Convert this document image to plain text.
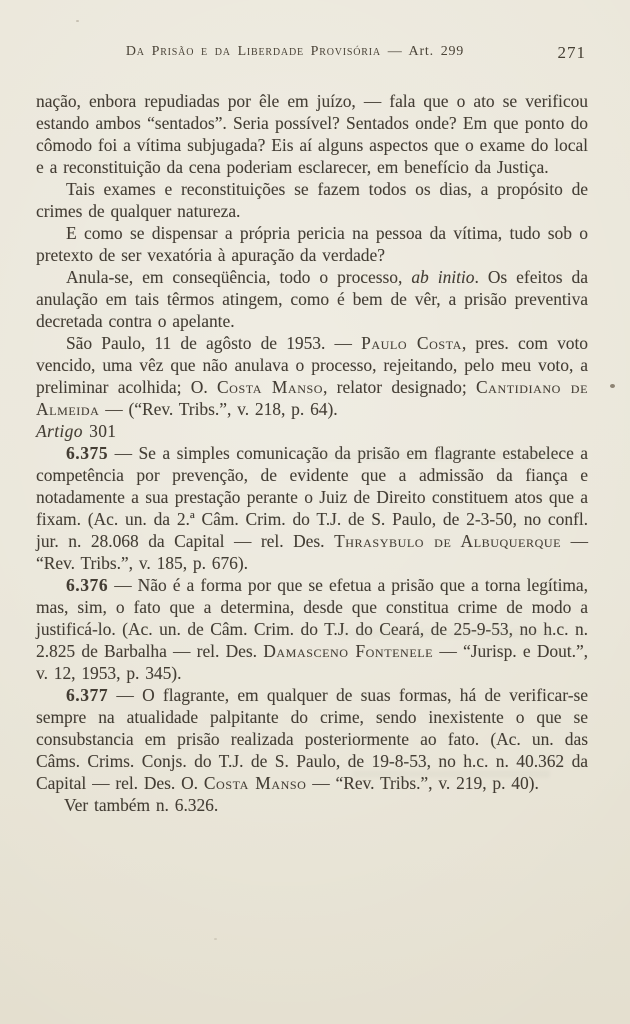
Da Prisão e da Liberdade Provisória — Art. 299	271

nação, enbora repudiadas por êle em juízo, — fala que o ato se verificou estando ambos “sentados”. Seria possível? Sentados onde? Em que ponto do cômodo foi a vítima subjugada? Eis aí alguns aspectos que o exame do local e a reconstituição da cena poderiam esclarecer, em benefício da Justiça.

Tais exames e reconstituições se fazem todos os dias, a propósito de crimes de qualquer natureza.

E como se dispensar a própria pericia na pessoa da vítima, tudo sob o pretexto de ser vexatória à apuração da verdade?

Anula-se, em conseqüência, todo o processo, ab initio. Os efeitos da anulação em tais têrmos atingem, como é bem de vêr, a prisão preventiva decretada contra o apelante.

São Paulo, 11 de agôsto de 1953. — Paulo Costa, pres. com voto vencido, uma vêz que não anulava o processo, rejeitando, pelo meu voto, a preliminar acolhida; O. Costa Manso, relator designado; Cantidiano de Almeida — (“Rev. Tribs.”, v. 218, p. 64).

Artigo 301

6.375 — Se a simples comunicação da prisão em flagrante estabelece a competência por prevenção, de evidente que a admissão da fiança e notadamente a sua prestação perante o Juiz de Direito constituem atos que a fixam. (Ac. un. da 2.ª Câm. Crim. do T.J. de S. Paulo, de 2-3-50, no confl. jur. n. 28.068 da Capital — rel. Des. Thrasybulo de Albuquerque — “Rev. Tribs.”, v. 185, p. 676).

6.376 — Não é a forma por que se efetua a prisão que a torna legítima, mas, sim, o fato que a determina, desde que constitua crime de modo a justificá-lo. (Ac. un. de Câm. Crim. do T.J. do Ceará, de 25-9-53, no h.c. n. 2.825 de Barbalha — rel. Des. Damasceno Fontenele — “Jurisp. e Dout.”, v. 12, 1953, p. 345).

6.377 — O flagrante, em qualquer de suas formas, há de verificar-se sempre na atualidade palpitante do crime, sendo inexistente o que se consubstancia em prisão realizada posteriormente ao fato. (Ac. un. das Câms. Crims. Conjs. do T.J. de S. Paulo, de 19-8-53, no h.c. n. 40.362 da Capital — rel. Des. O. Costa Manso — “Rev. Tribs.”, v. 219, p. 40).

Ver também n. 6.326.
